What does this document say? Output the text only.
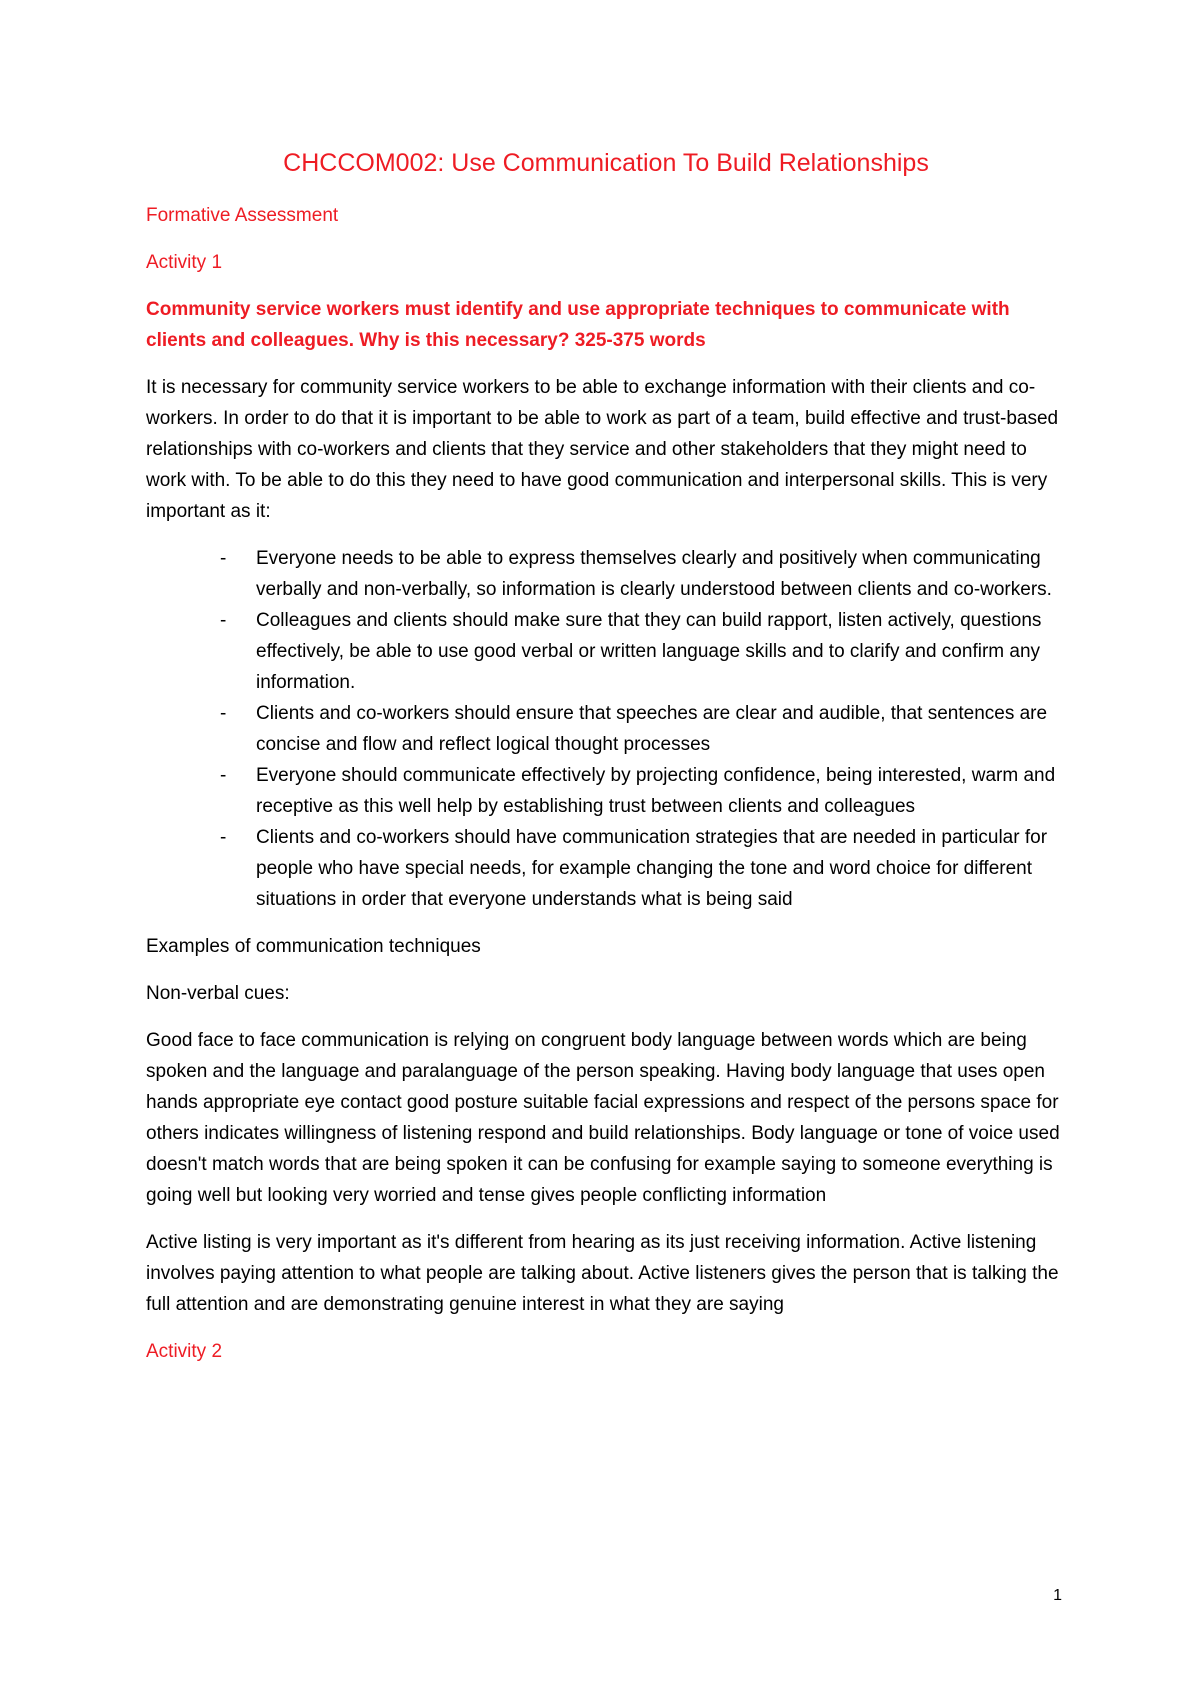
CHCCOM002: Use Communication To Build Relationships
Formative Assessment
Activity 1
Community service workers must identify and use appropriate techniques to communicate with clients and colleagues. Why is this necessary? 325-375 words
It is necessary for community service workers to be able to exchange information with their clients and co-workers. In order to do that it is important to be able to work as part of a team, build effective and trust-based relationships with co-workers and clients that they service and other stakeholders that they might need to work with. To be able to do this they need to have good communication and interpersonal skills. This is very important as it:
- Everyone needs to be able to express themselves clearly and positively when communicating verbally and non-verbally, so information is clearly understood between clients and co-workers.
- Colleagues and clients should make sure that they can build rapport, listen actively, questions effectively, be able to use good verbal or written language skills and to clarify and confirm any information.
- Clients and co-workers should ensure that speeches are clear and audible, that sentences are concise and flow and reflect logical thought processes
- Everyone should communicate effectively by projecting confidence, being interested, warm and receptive as this well help by establishing trust between clients and colleagues
- Clients and co-workers should have communication strategies that are needed in particular for people who have special needs, for example changing the tone and word choice for different situations in order that everyone understands what is being said
Examples of communication techniques
Non-verbal cues:
Good face to face communication is relying on congruent body language between words which are being spoken and the language and paralanguage of the person speaking. Having body language that uses open hands appropriate eye contact good posture suitable facial expressions and respect of the persons space for others indicates willingness of listening respond and build relationships. Body language or tone of voice used doesn't match words that are being spoken it can be confusing for example saying to someone everything is going well but looking very worried and tense gives people conflicting information
Active listing is very important as it's different from hearing as its just receiving information. Active listening involves paying attention to what people are talking about. Active listeners gives the person that is talking the full attention and are demonstrating genuine interest in what they are saying
Activity 2
1
